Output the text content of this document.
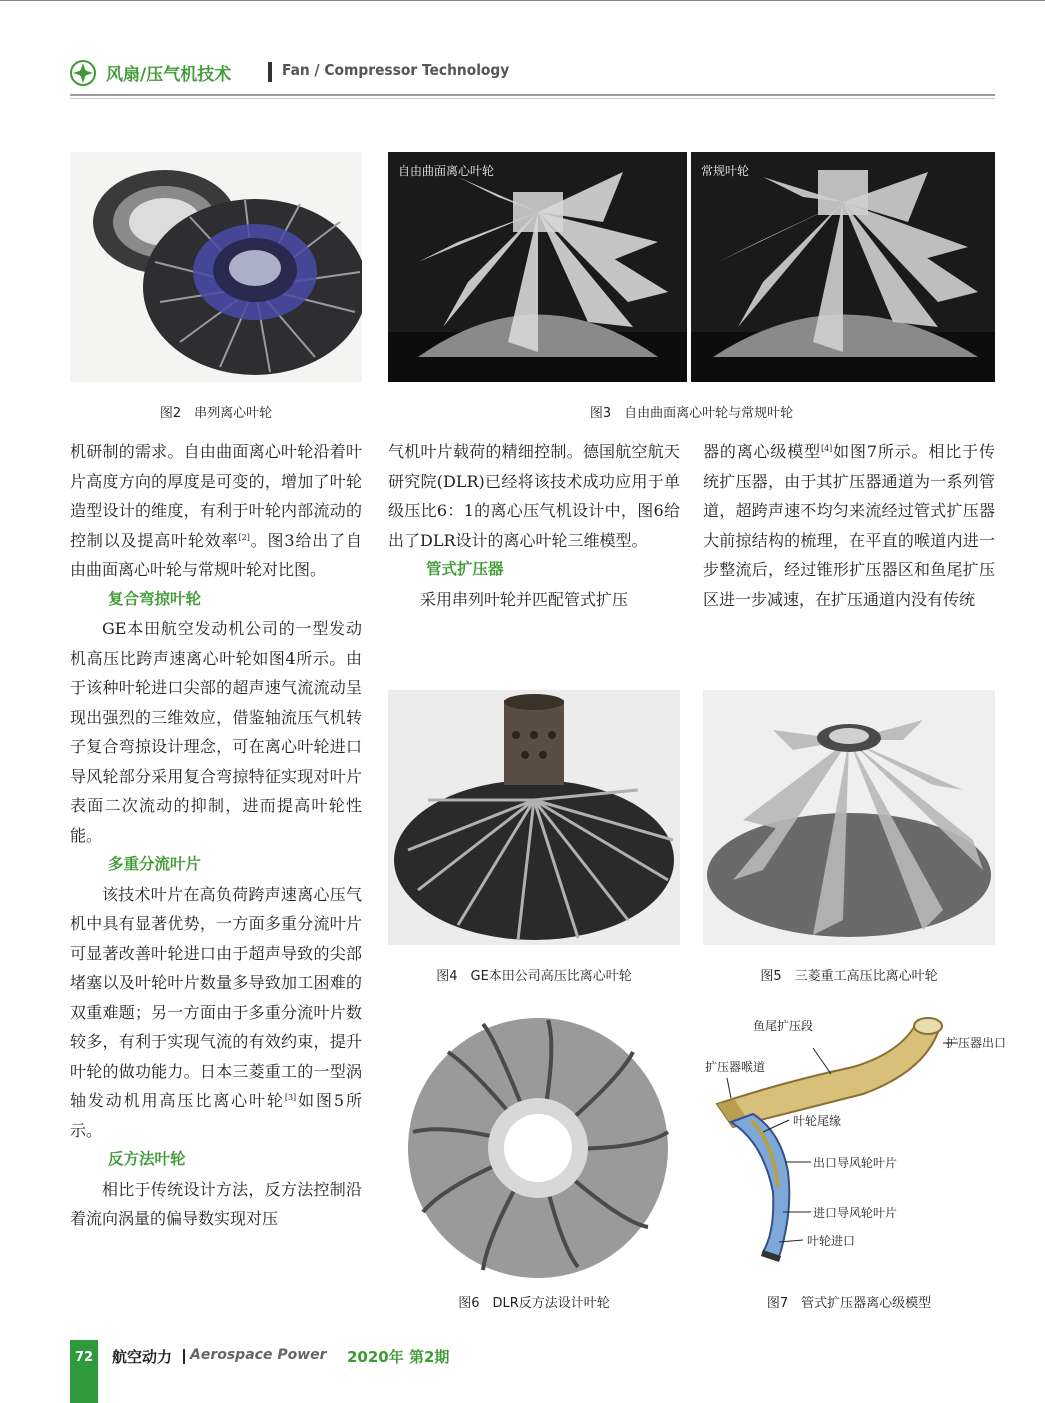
风扇/压气机技术	Fan / Compressor Technology
图2　串列离心叶轮
自由曲面离心叶轮	常规叶轮
图3　自由曲面离心叶轮与常规叶轮

机研制的需求。自由曲面离心叶轮沿着叶片高度方向的厚度是可变的，增加了叶轮造型设计的维度，有利于叶轮内部流动的控制以及提高叶轮效率[2]。图3给出了自由曲面离心叶轮与常规叶轮对比图。

复合弯掠叶轮

GE本田航空发动机公司的一型发动机高压比跨声速离心叶轮如图4所示。由于该种叶轮进口尖部的超声速气流流动呈现出强烈的三维效应，借鉴轴流压气机转子复合弯掠设计理念，可在离心叶轮进口导风轮部分采用复合弯掠特征实现对叶片表面二次流动的抑制，进而提高叶轮性能。

多重分流叶片

该技术叶片在高负荷跨声速离心压气机中具有显著优势，一方面多重分流叶片可显著改善叶轮进口由于超声导致的尖部堵塞以及叶轮叶片数量多导致加工困难的双重难题；另一方面由于多重分流叶片数较多，有利于实现气流的有效约束，提升叶轮的做功能力。日本三菱重工的一型涡轴发动机用高压比离心叶轮[3]如图5所示。

反方法叶轮

相比于传统设计方法，反方法控制沿着流向涡量的偏导数实现对压

气机叶片载荷的精细控制。德国航空航天研究院(DLR)已经将该技术成功应用于单级压比6：1的离心压气机设计中，图6给出了DLR设计的离心叶轮三维模型。

管式扩压器

采用串列叶轮并匹配管式扩压

器的离心级模型[4]如图7所示。相比于传统扩压器，由于其扩压器通道为一系列管道，超跨声速不均匀来流经过管式扩压器大前掠结构的梳理，在平直的喉道内进一步整流后，经过锥形扩压器区和鱼尾扩压区进一步减速，在扩压通道内没有传统

图4　GE本田公司高压比离心叶轮	图5　三菱重工高压比离心叶轮
图6　DLR反方法设计叶轮
鱼尾扩压段
扩压器出口
扩压器喉道
叶轮尾缘
出口导风轮叶片
进口导风轮叶片
叶轮进口
图7　管式扩压器离心级模型
72	航空动力 Aerospace Power 2020年 第2期
